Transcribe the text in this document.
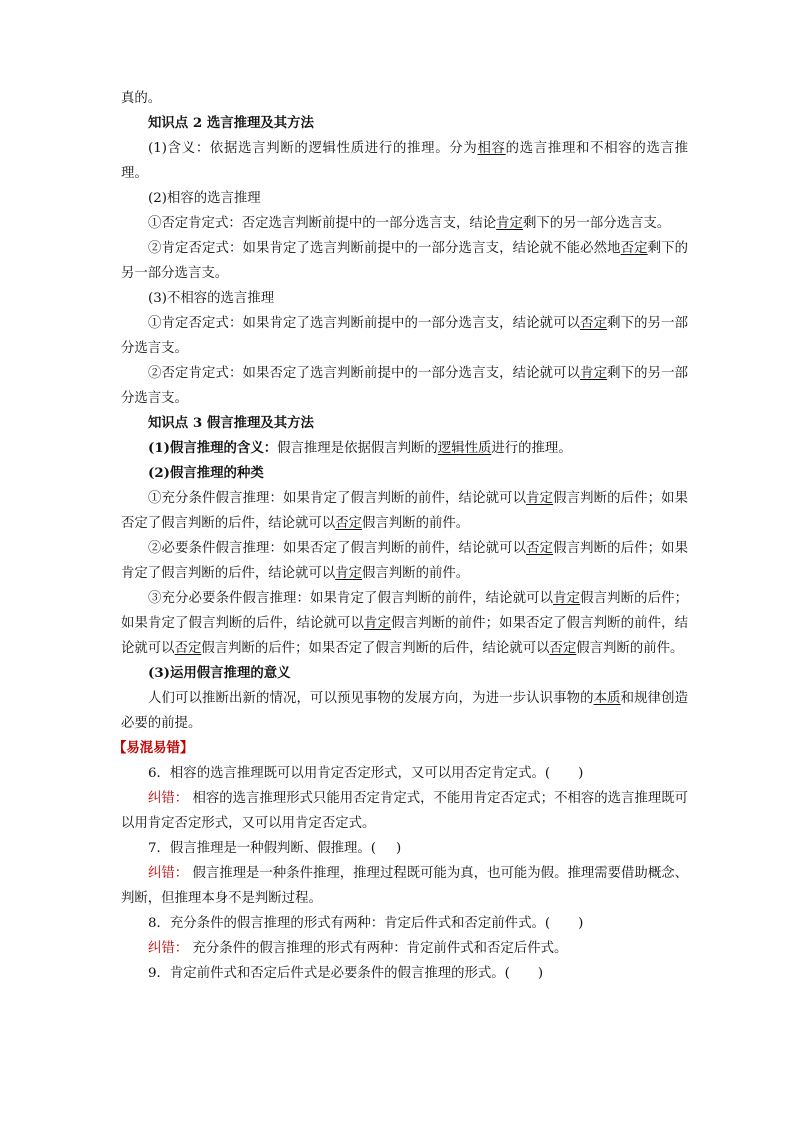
真的。

知识点 2 选言推理及其方法

(1)含义：依据选言判断的逻辑性质进行的推理。分为相容的选言推理和不相容的选言推理。

(2)相容的选言推理

①否定肯定式：否定选言判断前提中的一部分选言支，结论肯定剩下的另一部分选言支。

②肯定否定式：如果肯定了选言判断前提中的一部分选言支，结论就不能必然地否定剩下的另一部分选言支。

(3)不相容的选言推理

①肯定否定式：如果肯定了选言判断前提中的一部分选言支，结论就可以否定剩下的另一部分选言支。

②否定肯定式：如果否定了选言判断前提中的一部分选言支，结论就可以肯定剩下的另一部分选言支。

知识点 3 假言推理及其方法

(1)假言推理的含义：假言推理是依据假言判断的逻辑性质进行的推理。

(2)假言推理的种类

①充分条件假言推理：如果肯定了假言判断的前件，结论就可以肯定假言判断的后件；如果否定了假言判断的后件，结论就可以否定假言判断的前件。

②必要条件假言推理：如果否定了假言判断的前件，结论就可以否定假言判断的后件；如果肯定了假言判断的后件，结论就可以肯定假言判断的前件。

③充分必要条件假言推理：如果肯定了假言判断的前件，结论就可以肯定假言判断的后件；如果肯定了假言判断的后件，结论就可以肯定假言判断的前件；如果否定了假言判断的前件，结论就可以否定假言判断的后件；如果否定了假言判断的后件，结论就可以否定假言判断的前件。

(3)运用假言推理的意义

人们可以推断出新的情况，可以预见事物的发展方向，为进一步认识事物的本质和规律创造必要的前提。

【易混易错】

6．相容的选言推理既可以用肯定否定形式，又可以用否定肯定式。( )

纠错： 相容的选言推理形式只能用否定肯定式，不能用肯定否定式；不相容的选言推理既可以用肯定否定形式，又可以用肯定否定式。

7．假言推理是一种假判断、假推理。( )

纠错： 假言推理是一种条件推理，推理过程既可能为真，也可能为假。推理需要借助概念、判断，但推理本身不是判断过程。

8．充分条件的假言推理的形式有两种：肯定后件式和否定前件式。( )

纠错： 充分条件的假言推理的形式有两种：肯定前件式和否定后件式。

9．肯定前件式和否定后件式是必要条件的假言推理的形式。( )
